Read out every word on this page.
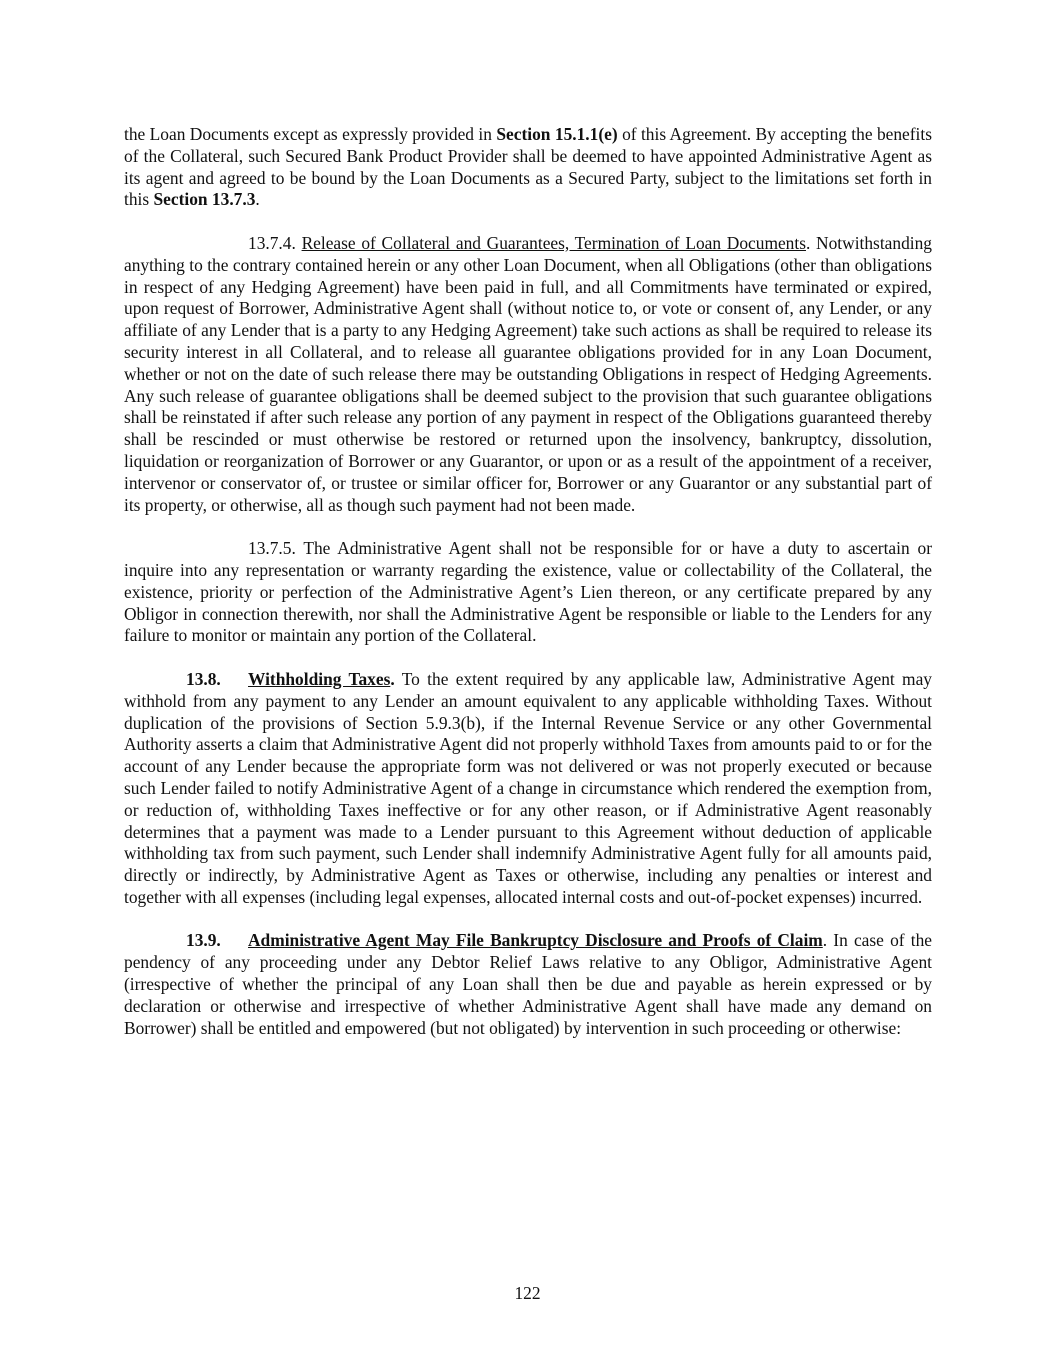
the Loan Documents except as expressly provided in Section 15.1.1(e) of this Agreement. By accepting the benefits of the Collateral, such Secured Bank Product Provider shall be deemed to have appointed Administrative Agent as its agent and agreed to be bound by the Loan Documents as a Secured Party, subject to the limitations set forth in this Section 13.7.3.

13.7.4. Release of Collateral and Guarantees, Termination of Loan Documents. Notwithstanding anything to the contrary contained herein or any other Loan Document, when all Obligations (other than obligations in respect of any Hedging Agreement) have been paid in full, and all Commitments have terminated or expired, upon request of Borrower, Administrative Agent shall (without notice to, or vote or consent of, any Lender, or any affiliate of any Lender that is a party to any Hedging Agreement) take such actions as shall be required to release its security interest in all Collateral, and to release all guarantee obligations provided for in any Loan Document, whether or not on the date of such release there may be outstanding Obligations in respect of Hedging Agreements. Any such release of guarantee obligations shall be deemed subject to the provision that such guarantee obligations shall be reinstated if after such release any portion of any payment in respect of the Obligations guaranteed thereby shall be rescinded or must otherwise be restored or returned upon the insolvency, bankruptcy, dissolution, liquidation or reorganization of Borrower or any Guarantor, or upon or as a result of the appointment of a receiver, intervenor or conservator of, or trustee or similar officer for, Borrower or any Guarantor or any substantial part of its property, or otherwise, all as though such payment had not been made.

13.7.5. The Administrative Agent shall not be responsible for or have a duty to ascertain or inquire into any representation or warranty regarding the existence, value or collectability of the Collateral, the existence, priority or perfection of the Administrative Agent’s Lien thereon, or any certificate prepared by any Obligor in connection therewith, nor shall the Administrative Agent be responsible or liable to the Lenders for any failure to monitor or maintain any portion of the Collateral.

13.8. Withholding Taxes. To the extent required by any applicable law, Administrative Agent may withhold from any payment to any Lender an amount equivalent to any applicable withholding Taxes. Without duplication of the provisions of Section 5.9.3(b), if the Internal Revenue Service or any other Governmental Authority asserts a claim that Administrative Agent did not properly withhold Taxes from amounts paid to or for the account of any Lender because the appropriate form was not delivered or was not properly executed or because such Lender failed to notify Administrative Agent of a change in circumstance which rendered the exemption from, or reduction of, withholding Taxes ineffective or for any other reason, or if Administrative Agent reasonably determines that a payment was made to a Lender pursuant to this Agreement without deduction of applicable withholding tax from such payment, such Lender shall indemnify Administrative Agent fully for all amounts paid, directly or indirectly, by Administrative Agent as Taxes or otherwise, including any penalties or interest and together with all expenses (including legal expenses, allocated internal costs and out-of-pocket expenses) incurred.

13.9. Administrative Agent May File Bankruptcy Disclosure and Proofs of Claim. In case of the pendency of any proceeding under any Debtor Relief Laws relative to any Obligor, Administrative Agent (irrespective of whether the principal of any Loan shall then be due and payable as herein expressed or by declaration or otherwise and irrespective of whether Administrative Agent shall have made any demand on Borrower) shall be entitled and empowered (but not obligated) by intervention in such proceeding or otherwise:

122
